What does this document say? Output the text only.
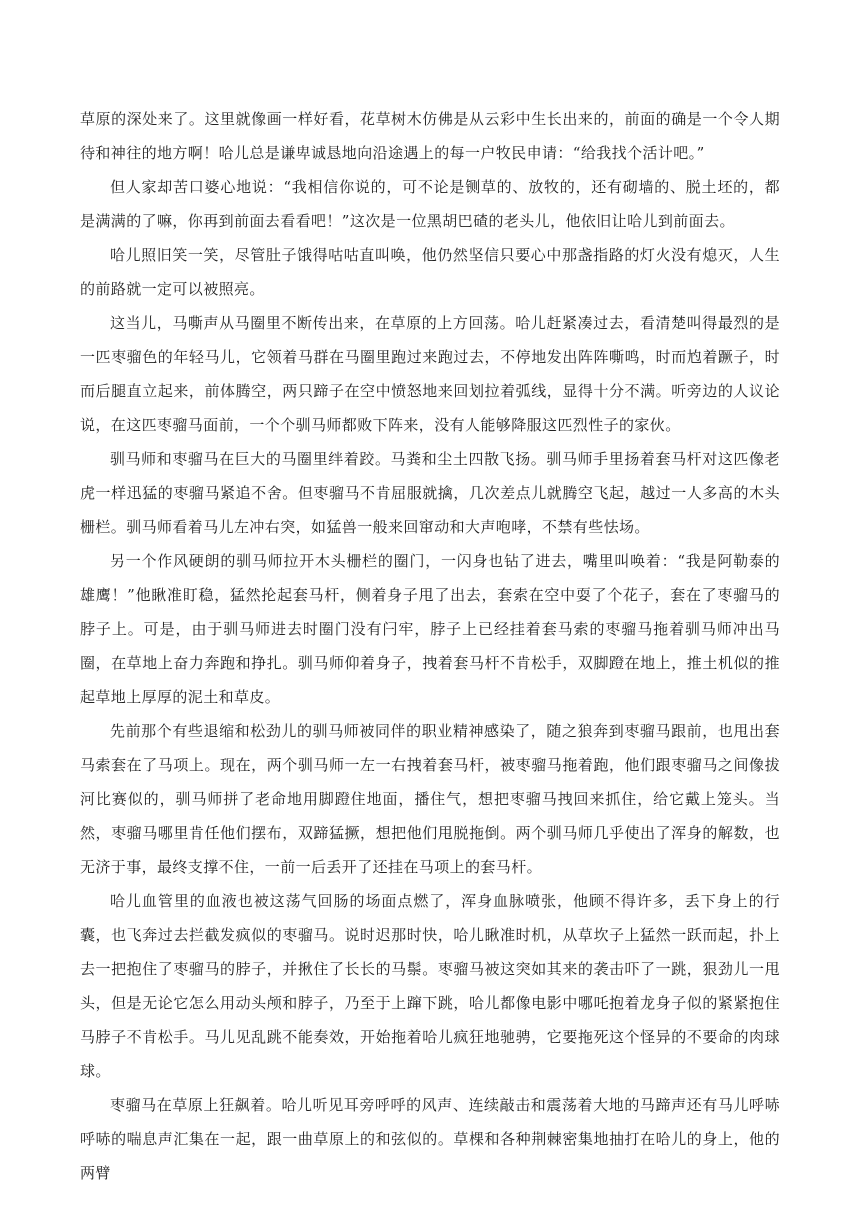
草原的深处来了。这里就像画一样好看，花草树木仿佛是从云彩中生长出来的，前面的确是一个令人期待和神往的地方啊！哈儿总是谦卑诚恳地向沿途遇上的每一户牧民申请：“给我找个活计吧。”

但人家却苦口婆心地说：“我相信你说的，可不论是铡草的、放牧的，还有砌墙的、脱土坯的，都是满满的了嘛，你再到前面去看看吧！”这次是一位黑胡巴碴的老头儿，他依旧让哈儿到前面去。

哈儿照旧笑一笑，尽管肚子饿得咕咕直叫唤，他仍然坚信只要心中那盏指路的灯火没有熄灭，人生的前路就一定可以被照亮。

这当儿，马嘶声从马圈里不断传出来，在草原的上方回荡。哈儿赶紧凑过去，看清楚叫得最烈的是一匹枣骝色的年轻马儿，它领着马群在马圈里跑过来跑过去，不停地发出阵阵嘶鸣，时而尥着蹶子，时而后腿直立起来，前体腾空，两只蹄子在空中愤怒地来回划拉着弧线，显得十分不满。听旁边的人议论说，在这匹枣骝马面前，一个个驯马师都败下阵来，没有人能够降服这匹烈性子的家伙。

驯马师和枣骝马在巨大的马圈里绊着跤。马粪和尘土四散飞扬。驯马师手里扬着套马杆对这匹像老虎一样迅猛的枣骝马紧追不舍。但枣骝马不肯屈服就擒，几次差点儿就腾空飞起，越过一人多高的木头栅栏。驯马师看着马儿左冲右突，如猛兽一般来回窜动和大声咆哮，不禁有些怯场。

另一个作风硬朗的驯马师拉开木头栅栏的圈门，一闪身也钻了进去，嘴里叫唤着：“我是阿勒泰的雄鹰！”他瞅准盯稳，猛然抡起套马杆，侧着身子甩了出去，套索在空中耍了个花子，套在了枣骝马的脖子上。可是，由于驯马师进去时圈门没有闩牢，脖子上已经挂着套马索的枣骝马拖着驯马师冲出马圈，在草地上奋力奔跑和挣扎。驯马师仰着身子，拽着套马杆不肯松手，双脚蹬在地上，推土机似的推起草地上厚厚的泥土和草皮。

先前那个有些退缩和松劲儿的驯马师被同伴的职业精神感染了，随之狼奔到枣骝马跟前，也甩出套马索套在了马项上。现在，两个驯马师一左一右拽着套马杆，被枣骝马拖着跑，他们跟枣骝马之间像拔河比赛似的，驯马师拼了老命地用脚蹬住地面，播住气，想把枣骝马拽回来抓住，给它戴上笼头。当然，枣骝马哪里肯任他们摆布，双蹄猛撅，想把他们甩脱拖倒。两个驯马师几乎使出了浑身的解数，也无济于事，最终支撑不住，一前一后丢开了还挂在马项上的套马杆。

哈儿血管里的血液也被这荡气回肠的场面点燃了，浑身血脉喷张，他顾不得许多，丢下身上的行囊，也飞奔过去拦截发疯似的枣骝马。说时迟那时快，哈儿瞅准时机，从草坎子上猛然一跃而起，扑上去一把抱住了枣骝马的脖子，并揪住了长长的马鬃。枣骝马被这突如其来的袭击吓了一跳，狠劲儿一甩头，但是无论它怎么用动头颅和脖子，乃至于上蹿下跳，哈儿都像电影中哪吒抱着龙身子似的紧紧抱住马脖子不肯松手。马儿见乱跳不能奏效，开始拖着哈儿疯狂地驰骋，它要拖死这个怪异的不要命的肉球球。

枣骝马在草原上狂飙着。哈儿听见耳旁呼呼的风声、连续敲击和震荡着大地的马蹄声还有马儿呼哧呼哧的喘息声汇集在一起，跟一曲草原上的和弦似的。草棵和各种荆棘密集地抽打在哈儿的身上，他的两臂
